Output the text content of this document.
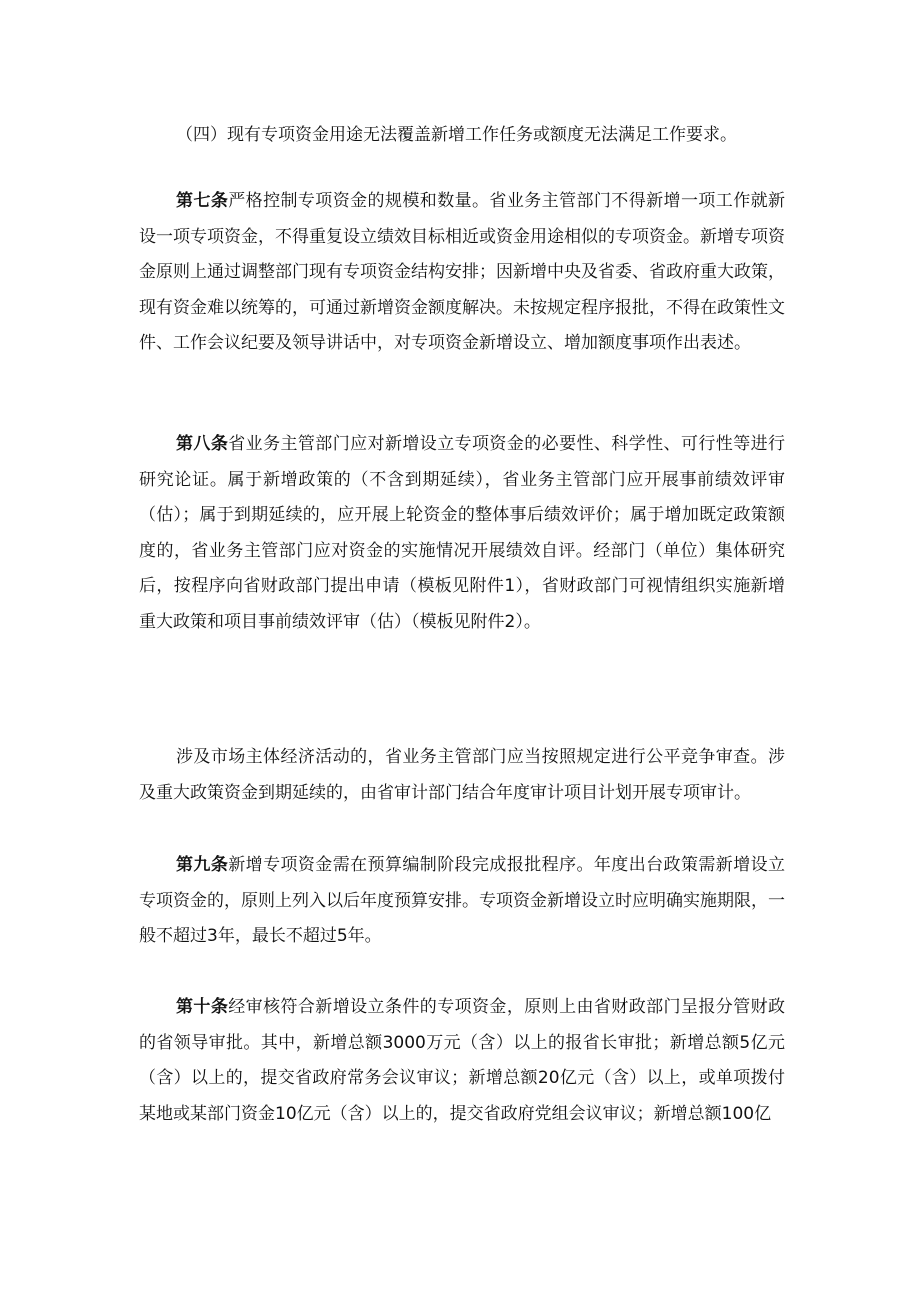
（四）现有专项资金用途无法覆盖新增工作任务或额度无法满足工作要求。

第七条严格控制专项资金的规模和数量。省业务主管部门不得新增一项工作就新设一项专项资金，不得重复设立绩效目标相近或资金用途相似的专项资金。新增专项资金原则上通过调整部门现有专项资金结构安排；因新增中央及省委、省政府重大政策，现有资金难以统筹的，可通过新增资金额度解决。未按规定程序报批，不得在政策性文件、工作会议纪要及领导讲话中，对专项资金新增设立、增加额度事项作出表述。

第八条省业务主管部门应对新增设立专项资金的必要性、科学性、可行性等进行研究论证。属于新增政策的（不含到期延续），省业务主管部门应开展事前绩效评审（估）；属于到期延续的，应开展上轮资金的整体事后绩效评价；属于增加既定政策额度的，省业务主管部门应对资金的实施情况开展绩效自评。经部门（单位）集体研究后，按程序向省财政部门提出申请（模板见附件1），省财政部门可视情组织实施新增重大政策和项目事前绩效评审（估）（模板见附件2）。

涉及市场主体经济活动的，省业务主管部门应当按照规定进行公平竞争审查。涉及重大政策资金到期延续的，由省审计部门结合年度审计项目计划开展专项审计。

第九条新增专项资金需在预算编制阶段完成报批程序。年度出台政策需新增设立专项资金的，原则上列入以后年度预算安排。专项资金新增设立时应明确实施期限，一般不超过3年，最长不超过5年。

第十条经审核符合新增设立条件的专项资金，原则上由省财政部门呈报分管财政的省领导审批。其中，新增总额3000万元（含）以上的报省长审批；新增总额5亿元（含）以上的，提交省政府常务会议审议；新增总额20亿元（含）以上，或单项拨付某地或某部门资金10亿元（含）以上的，提交省政府党组会议审议；新增总额100亿
